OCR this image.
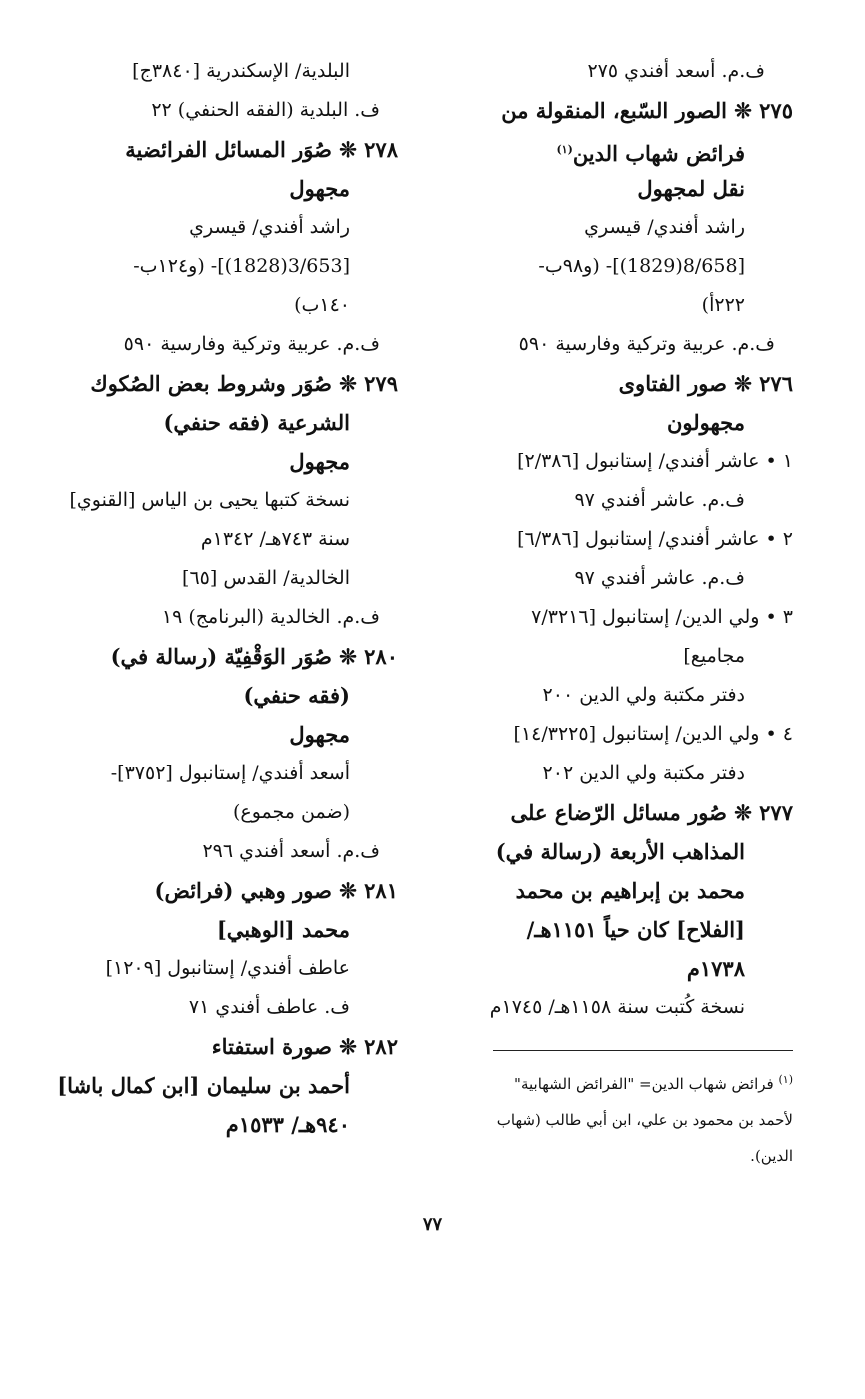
ف.م. أسعد أفندي ٢٧٥
٢٧٥ ❊ الصور السّبع، المنقولة من
فرائض شهاب الدين$^{(١)}$
نقل لمجهول
راشد أفندي/ قيسري
[8/658(1829)]- (و٩٨ب-
٢٢٢أ)
ف.م. عربية وتركية وفارسية ٥٩٠
٢٧٦ ❊ صور الفتاوى
مجهولون
١ • عاشر أفندي/ إستانبول [٢/٣٨٦]
ف.م. عاشر أفندي ٩٧
٢ • عاشر أفندي/ إستانبول [٦/٣٨٦]
ف.م. عاشر أفندي ٩٧
٣ • ولي الدين/ إستانبول [٧/٣٢١٦
مجاميع]
دفتر مكتبة ولي الدين ٢٠٠
٤ • ولي الدين/ إستانبول [١٤/٣٢٢٥]
دفتر مكتبة ولي الدين ٢٠٢
٢٧٧ ❊ صُور مسائل الرّضاع على
المذاهب الأربعة (رسالة في)
محمد بن إبراهيم بن محمد
[الفلاح] كان حياً ١١٥١هـ/
١٧٣٨م
نسخة كُتبت سنة ١١٥٨هـ/ ١٧٤٥م
البلدية/ الإسكندرية [٣٨٤٠ج]
ف. البلدية (الفقه الحنفي) ٢٢
٢٧٨ ❊ صُوَر المسائل الفرائضية
مجهول
راشد أفندي/ قيسري
[3/653(1828)]- (و١٢٤ب-
١٤٠ب)
ف.م. عربية وتركية وفارسية ٥٩٠
٢٧٩ ❊ صُوَر وشروط بعض الصُكوك
الشرعية (فقه حنفي)
مجهول
نسخة كتبها يحيى بن الياس [القنوي]
سنة ٧٤٣هـ/ ١٣٤٢م
الخالدية/ القدس [٦٥]
ف.م. الخالدية (البرنامج) ١٩
٢٨٠ ❊ صُوَر الوَقْفِيّة (رسالة في)
(فقه حنفي)
مجهول
أسعد أفندي/ إستانبول [٣٧٥٢]-
(ضمن مجموع)
ف.م. أسعد أفندي ٢٩٦
٢٨١ ❊ صور وهبي (فرائض)
محمد [الوهبي]
عاطف أفندي/ إستانبول [١٢٠٩]
ف. عاطف أفندي ٧١
٢٨٢ ❊ صورة استفتاء
أحمد بن سليمان [ابن كمال باشا]
٩٤٠هـ/ ١٥٣٣م
$^{(١)}$ فرائض شهاب الدين= "الفرائض الشهابية"
لأحمد بن محمود بن علي، ابن أبي طالب (شهاب
الدين).
٧٧
